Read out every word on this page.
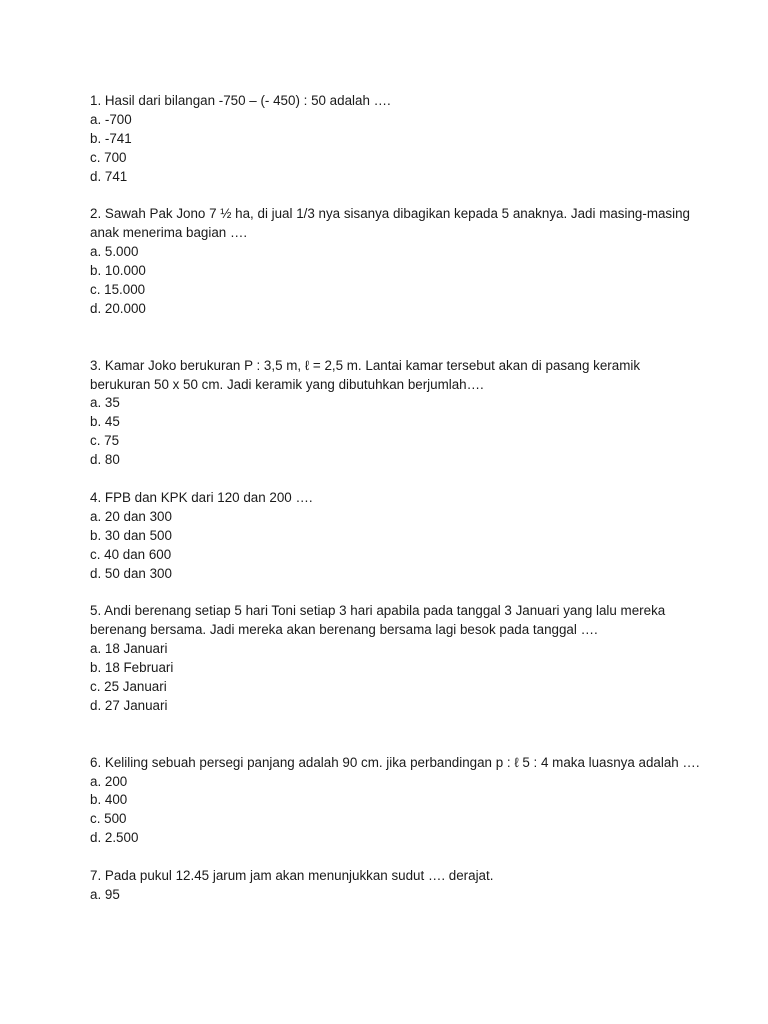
1. Hasil dari bilangan -750 – (- 450) : 50 adalah ….

a. -700

b. -741

c. 700

d. 741

2. Sawah Pak Jono 7 ½ ha, di jual 1/3 nya sisanya dibagikan kepada 5 anaknya. Jadi masing-masing anak menerima bagian ….

a. 5.000

b. 10.000

c. 15.000

d. 20.000

3. Kamar Joko berukuran P : 3,5 m, ℓ = 2,5 m. Lantai kamar tersebut akan di pasang keramik berukuran 50 x 50 cm. Jadi keramik yang dibutuhkan berjumlah….

a. 35

b. 45

c. 75

d. 80

4. FPB dan KPK dari 120 dan 200 ….

a. 20 dan 300

b. 30 dan 500

c. 40 dan 600

d. 50 dan 300

5. Andi berenang setiap 5 hari Toni setiap 3 hari apabila pada tanggal 3 Januari yang lalu mereka berenang bersama. Jadi mereka akan berenang bersama lagi besok pada tanggal ….

a. 18 Januari

b. 18 Februari

c. 25 Januari

d. 27 Januari

6. Keliling sebuah persegi panjang adalah 90 cm. jika perbandingan p : ℓ 5 : 4 maka luasnya adalah ….

a. 200

b. 400

c. 500

d. 2.500

7. Pada pukul 12.45 jarum jam akan menunjukkan sudut …. derajat.

a. 95
